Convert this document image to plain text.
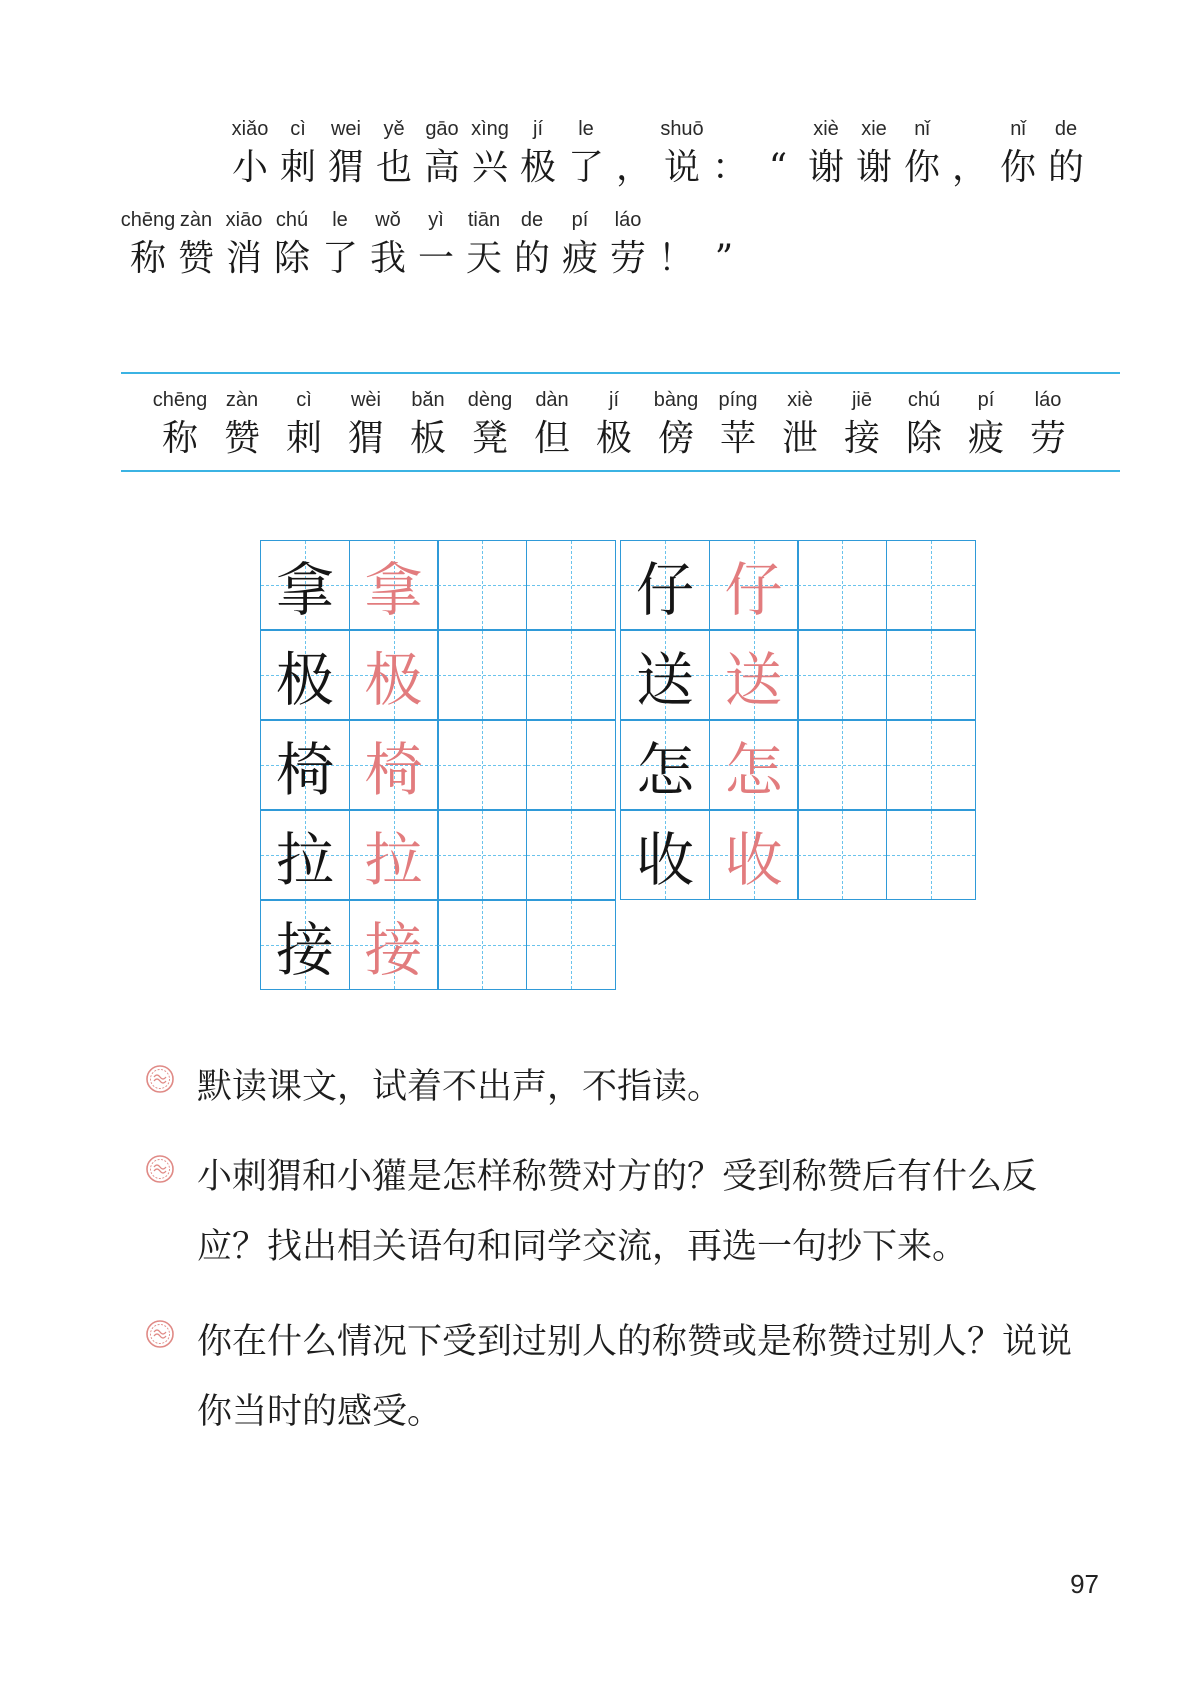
xiǎo
小
cì
刺
wei
猬
yě
也
gāo
高
xìng
兴
jí
极
le
了 ，
shuō
说 ： “
xiè
谢
xie
谢
nǐ
你 ，
nǐ
你
de
的
chēng
称
zàn
赞
xiāo
消
chú
除
le
了
wǒ
我
yì
一
tiān
天
de
的
pí
疲
láo
劳 ！ ”
chēng
称
zàn
赞
cì
刺
wèi
猬
bǎn
板
dèng
凳
dàn
但
jí
极
bàng
傍
píng
苹
xiè
泄
jiē
接
chú
除
pí
疲
láo
劳
拿 拿
极 极
椅 椅
拉 拉
接 接
仔 仔
送 送
怎 怎
收 收
默读课文，试着不出声，不指读。
小刺猬和小獾是怎样称赞对方的？受到称赞后有什么反应？找出相关语句和同学交流，再选一句抄下来。
你在什么情况下受到过别人的称赞或是称赞过别人？说说你当时的感受。
97
